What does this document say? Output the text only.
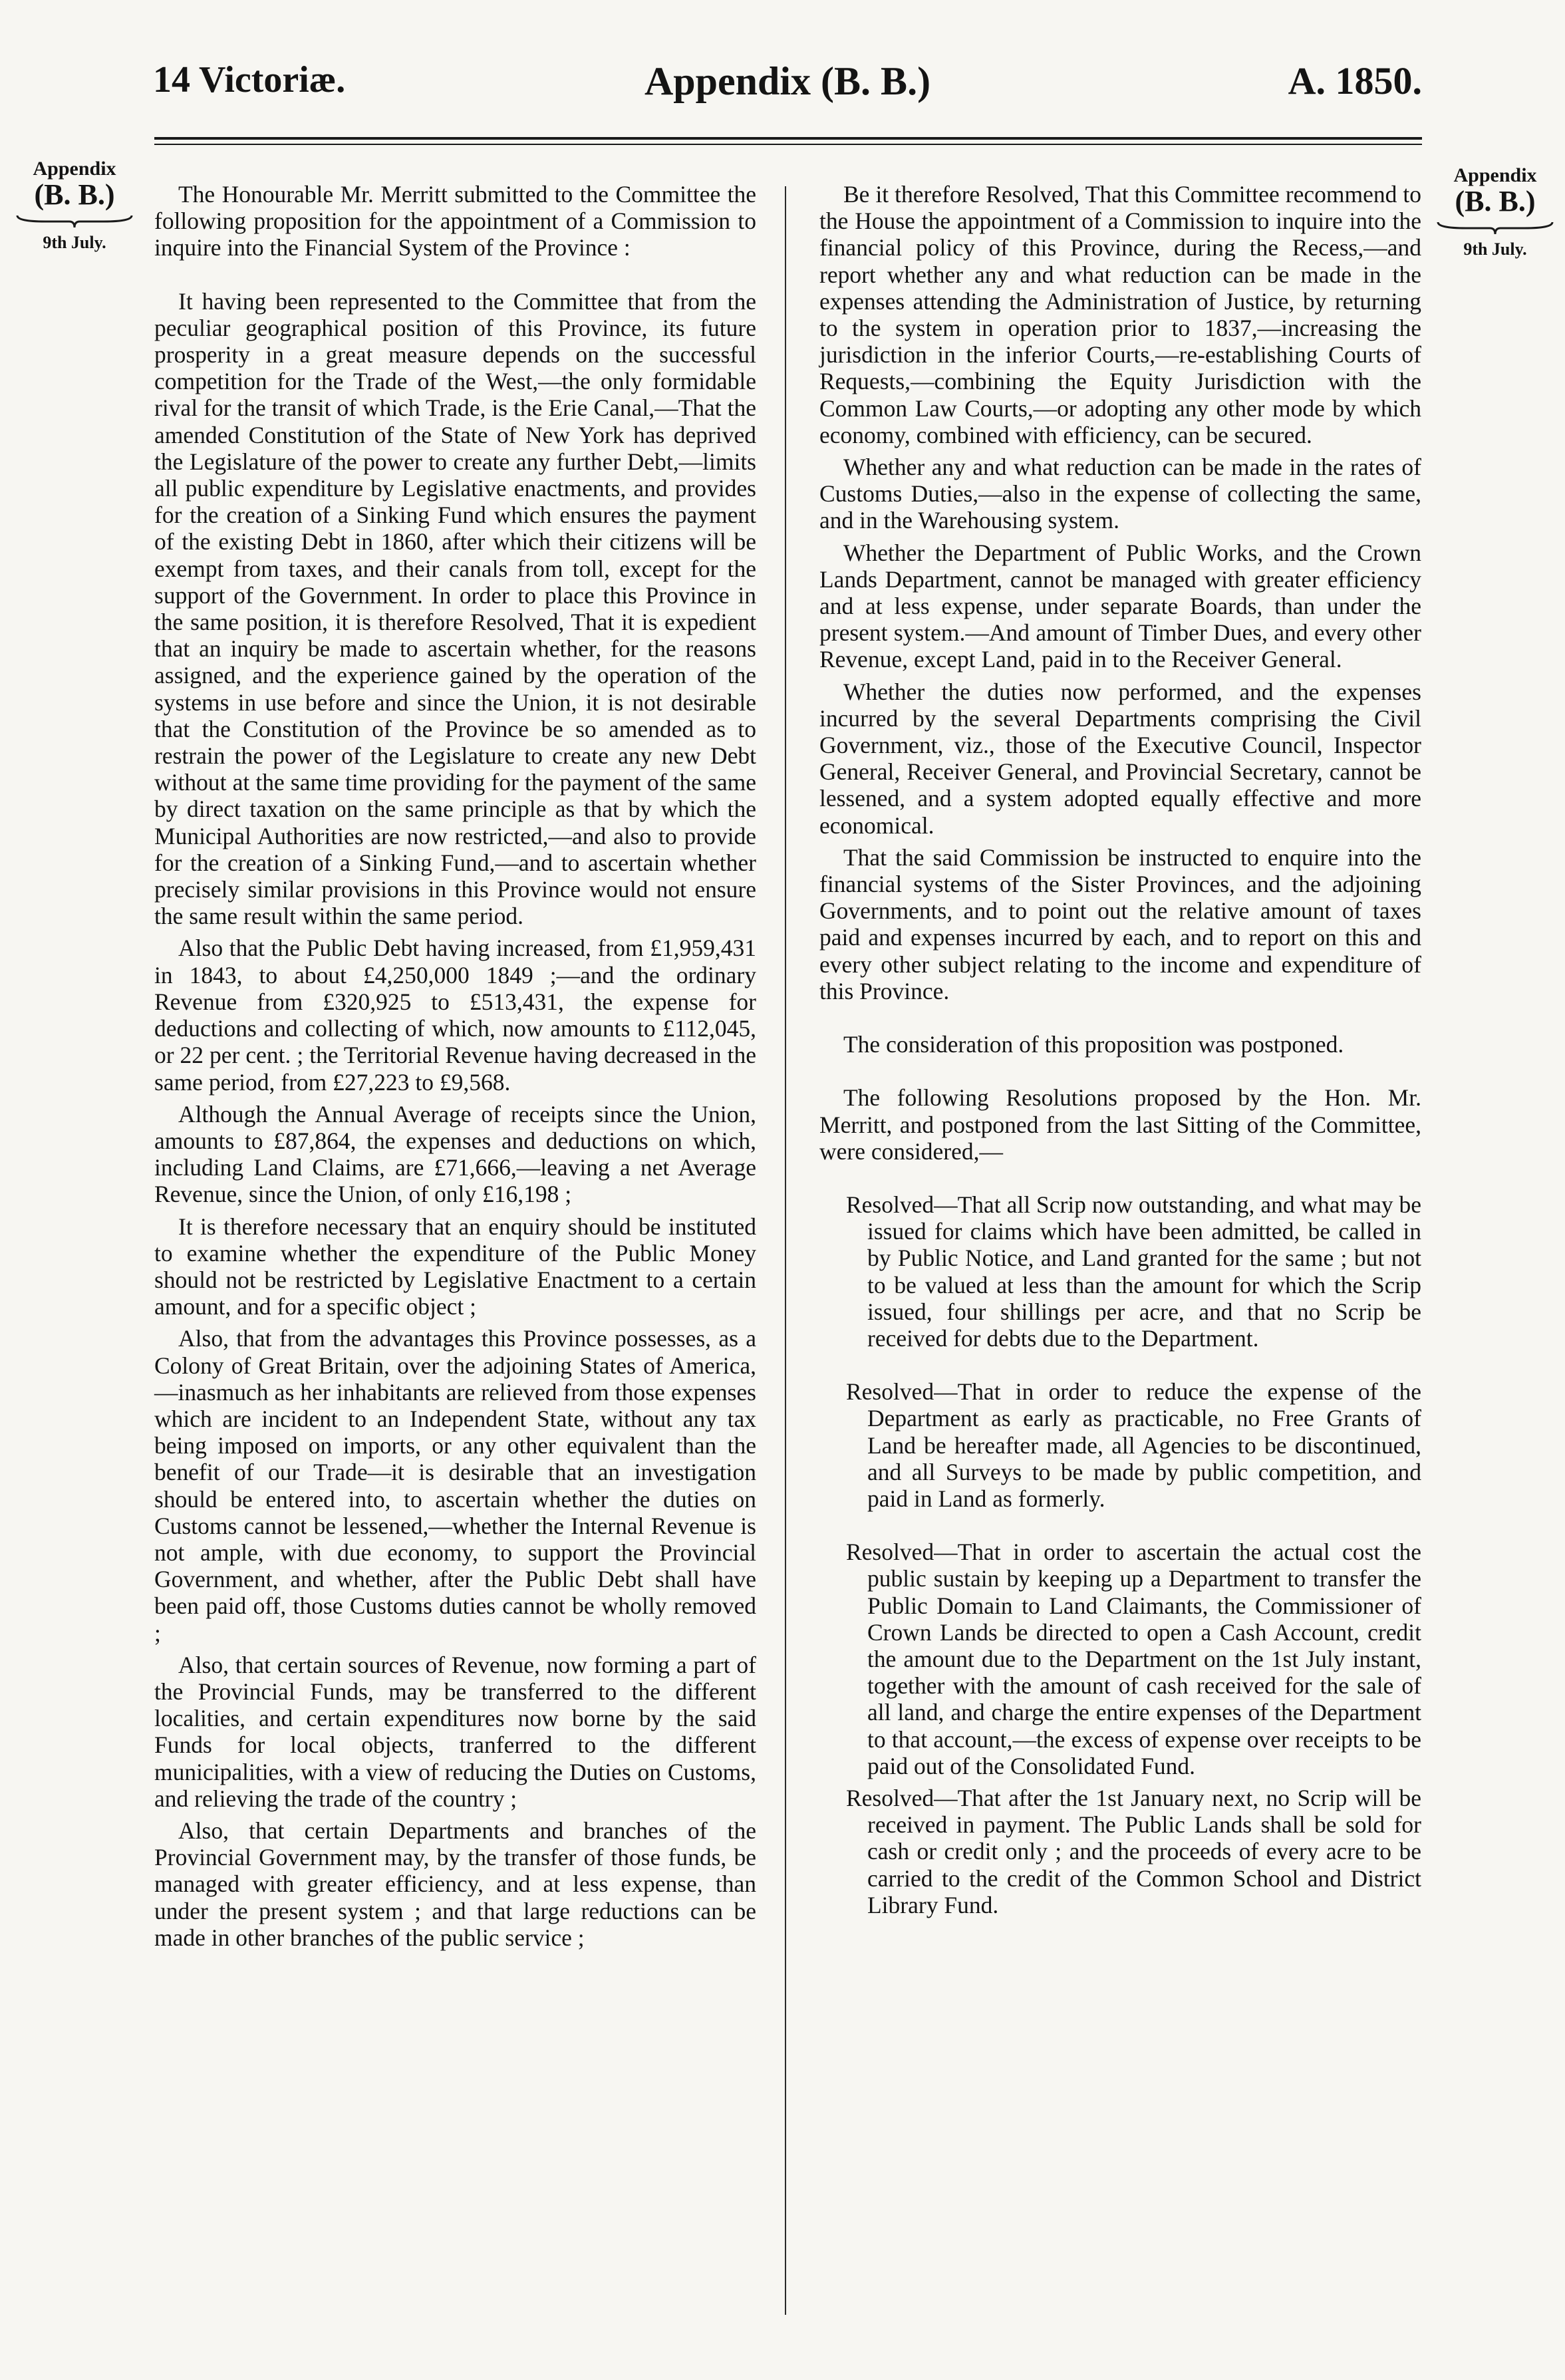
14 Victoriæ.	Appendix (B. B.)	A. 1850.
Appendix
(B. B.)
9th July.
Appendix
(B. B.)
9th July.

The Honourable Mr. Merritt submitted to the Committee the following proposition for the appointment of a Commission to inquire into the Financial System of the Province :

It having been represented to the Committee that from the peculiar geographical position of this Province, its future prosperity in a great measure depends on the successful competition for the Trade of the West,—the only formidable rival for the transit of which Trade, is the Erie Canal,—That the amended Constitution of the State of New York has deprived the Legislature of the power to create any further Debt,—limits all public expenditure by Legislative enactments, and provides for the creation of a Sinking Fund which ensures the payment of the existing Debt in 1860, after which their citizens will be exempt from taxes, and their canals from toll, except for the support of the Government. In order to place this Province in the same position, it is therefore Resolved, That it is expedient that an inquiry be made to ascertain whether, for the reasons assigned, and the experience gained by the operation of the systems in use before and since the Union, it is not desirable that the Constitution of the Province be so amended as to restrain the power of the Legislature to create any new Debt without at the same time providing for the payment of the same by direct taxation on the same principle as that by which the Municipal Authorities are now restricted,—and also to provide for the creation of a Sinking Fund,—and to ascertain whether precisely similar provisions in this Province would not ensure the same result within the same period.

Also that the Public Debt having increased, from £1,959,431 in 1843, to about £4,250,000 1849 ;—and the ordinary Revenue from £320,925 to £513,431, the expense for deductions and collecting of which, now amounts to £112,045, or 22 per cent. ; the Territorial Revenue having decreased in the same period, from £27,223 to £9,568.

Although the Annual Average of receipts since the Union, amounts to £87,864, the expenses and deductions on which, including Land Claims, are £71,666,—leaving a net Average Revenue, since the Union, of only £16,198 ;

It is therefore necessary that an enquiry should be instituted to examine whether the expenditure of the Public Money should not be restricted by Legislative Enactment to a certain amount, and for a specific object ;

Also, that from the advantages this Province possesses, as a Colony of Great Britain, over the adjoining States of America,—inasmuch as her inhabitants are relieved from those expenses which are incident to an Independent State, without any tax being imposed on imports, or any other equivalent than the benefit of our Trade—it is desirable that an investigation should be entered into, to ascertain whether the duties on Customs cannot be lessened,—whether the Internal Revenue is not ample, with due economy, to support the Provincial Government, and whether, after the Public Debt shall have been paid off, those Customs duties cannot be wholly removed ;

Also, that certain sources of Revenue, now forming a part of the Provincial Funds, may be transferred to the different localities, and certain expenditures now borne by the said Funds for local objects, tranferred to the different municipalities, with a view of reducing the Duties on Customs, and relieving the trade of the country ;

Also, that certain Departments and branches of the Provincial Government may, by the transfer of those funds, be managed with greater efficiency, and at less expense, than under the present system ; and that large reductions can be made in other branches of the public service ;

Be it therefore Resolved, That this Committee recommend to the House the appointment of a Commission to inquire into the financial policy of this Province, during the Recess,—and report whether any and what reduction can be made in the expenses attending the Administration of Justice, by returning to the system in operation prior to 1837,—increasing the jurisdiction in the inferior Courts,—re-establishing Courts of Requests,—combining the Equity Jurisdiction with the Common Law Courts,—or adopting any other mode by which economy, combined with efficiency, can be secured.

Whether any and what reduction can be made in the rates of Customs Duties,—also in the expense of collecting the same, and in the Warehousing system.

Whether the Department of Public Works, and the Crown Lands Department, cannot be managed with greater efficiency and at less expense, under separate Boards, than under the present system.—And amount of Timber Dues, and every other Revenue, except Land, paid in to the Receiver General.

Whether the duties now performed, and the expenses incurred by the several Departments comprising the Civil Government, viz., those of the Executive Council, Inspector General, Receiver General, and Provincial Secretary, cannot be lessened, and a system adopted equally effective and more economical.

That the said Commission be instructed to enquire into the financial systems of the Sister Provinces, and the adjoining Governments, and to point out the relative amount of taxes paid and expenses incurred by each, and to report on this and every other subject relating to the income and expenditure of this Province.

The consideration of this proposition was postponed.

The following Resolutions proposed by the Hon. Mr. Merritt, and postponed from the last Sitting of the Committee, were considered,—

Resolved—That all Scrip now outstanding, and what may be issued for claims which have been admitted, be called in by Public Notice, and Land granted for the same ; but not to be valued at less than the amount for which the Scrip issued, four shillings per acre, and that no Scrip be received for debts due to the Department.

Resolved—That in order to reduce the expense of the Department as early as practicable, no Free Grants of Land be hereafter made, all Agencies to be discontinued, and all Surveys to be made by public competition, and paid in Land as formerly.

Resolved—That in order to ascertain the actual cost the public sustain by keeping up a Department to transfer the Public Domain to Land Claimants, the Commissioner of Crown Lands be directed to open a Cash Account, credit the amount due to the Department on the 1st July instant, together with the amount of cash received for the sale of all land, and charge the entire expenses of the Department to that account,—the excess of expense over receipts to be paid out of the Consolidated Fund.

Resolved—That after the 1st January next, no Scrip will be received in payment. The Public Lands shall be sold for cash or credit only ; and the proceeds of every acre to be carried to the credit of the Common School and District Library Fund.
